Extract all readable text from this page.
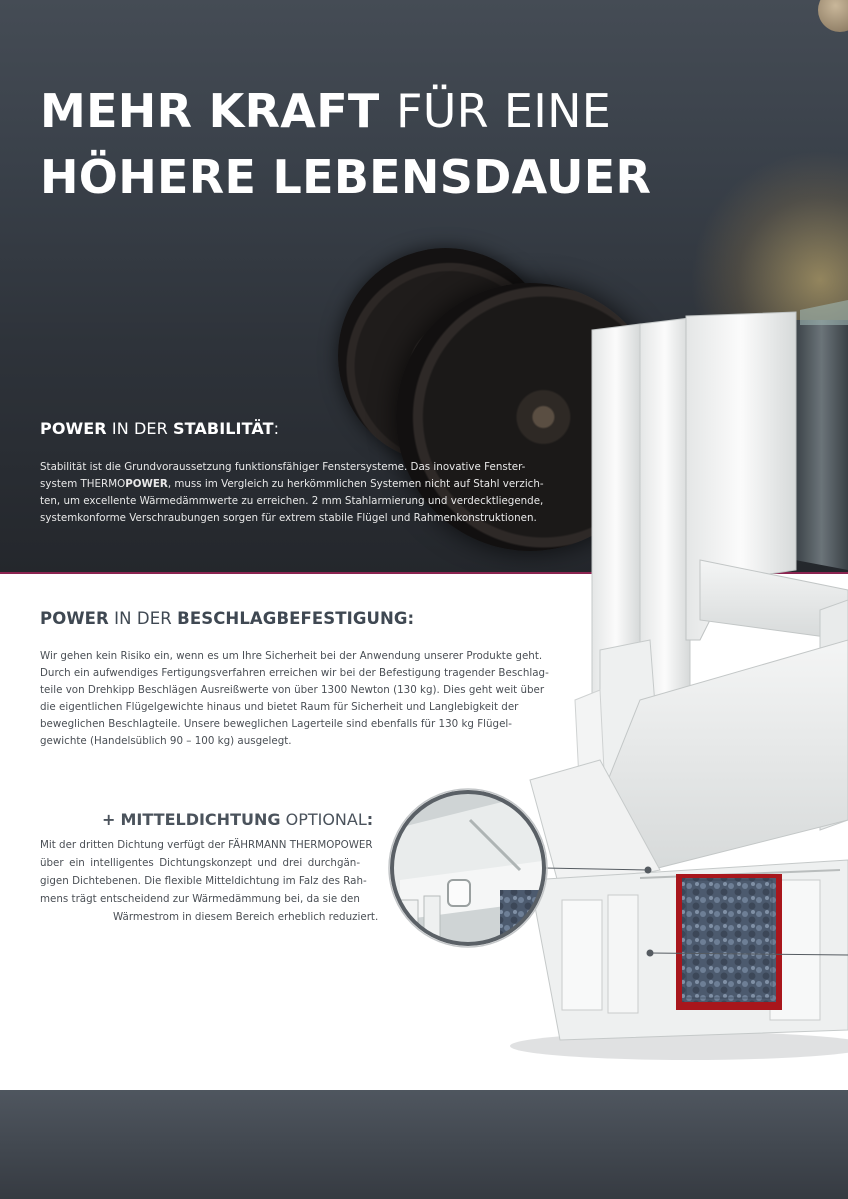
MEHR KRAFT FÜR EINE
HÖHERE LEBENSDAUER
POWER IN DER STABILITÄT:
Stabilität ist die Grundvoraussetzung funktionsfähiger Fenstersysteme. Das inovative Fenster-
system THERMOPOWER, muss im Vergleich zu herkömmlichen Systemen nicht auf Stahl verzich-
ten, um excellente Wärmedämmwerte zu erreichen. 2 mm Stahlarmierung und verdecktliegende,
systemkonforme Verschraubungen sorgen für extrem stabile Flügel und Rahmenkonstruktionen.
POWER IN DER BESCHLAGBEFESTIGUNG:
Wir gehen kein Risiko ein, wenn es um Ihre Sicherheit bei der Anwendung unserer Produkte geht.
Durch ein aufwendiges Fertigungsverfahren erreichen wir bei der Befestigung tragender Beschlag-
teile von Drehkipp Beschlägen Ausreißwerte von über 1300 Newton (130 kg). Dies geht weit über
die eigentlichen Flügelgewichte hinaus und bietet Raum für Sicherheit und Langlebigkeit der
beweglichen Beschlagteile. Unsere beweglichen Lagerteile sind ebenfalls für 130 kg Flügel-
gewichte (Handelsüblich 90 – 100 kg) ausgelegt.
+ MITTELDICHTUNG OPTIONAL:
Mit der dritten Dichtung verfügt der FÄHRMANN THERMOPOWER
über ein intelligentes Dichtungskonzept und drei durchgän-
gigen Dichtebenen. Die flexible Mitteldichtung im Falz des Rah-
mens trägt entscheidend zur Wärmedämmung bei, da sie den
Wärmestrom in diesem Bereich erheblich reduziert.
